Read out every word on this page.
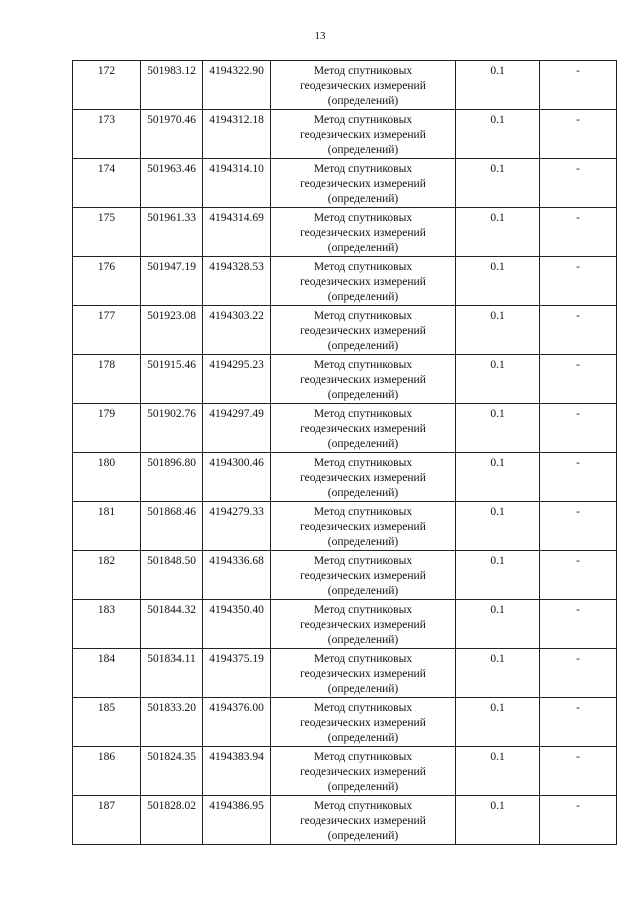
13
172	501983.12	4194322.90	Метод спутниковых
геодезических измерений
(определений)	0.1	-
173	501970.46	4194312.18	Метод спутниковых
геодезических измерений
(определений)	0.1	-
174	501963.46	4194314.10	Метод спутниковых
геодезических измерений
(определений)	0.1	-
175	501961.33	4194314.69	Метод спутниковых
геодезических измерений
(определений)	0.1	-
176	501947.19	4194328.53	Метод спутниковых
геодезических измерений
(определений)	0.1	-
177	501923.08	4194303.22	Метод спутниковых
геодезических измерений
(определений)	0.1	-
178	501915.46	4194295.23	Метод спутниковых
геодезических измерений
(определений)	0.1	-
179	501902.76	4194297.49	Метод спутниковых
геодезических измерений
(определений)	0.1	-
180	501896.80	4194300.46	Метод спутниковых
геодезических измерений
(определений)	0.1	-
181	501868.46	4194279.33	Метод спутниковых
геодезических измерений
(определений)	0.1	-
182	501848.50	4194336.68	Метод спутниковых
геодезических измерений
(определений)	0.1	-
183	501844.32	4194350.40	Метод спутниковых
геодезических измерений
(определений)	0.1	-
184	501834.11	4194375.19	Метод спутниковых
геодезических измерений
(определений)	0.1	-
185	501833.20	4194376.00	Метод спутниковых
геодезических измерений
(определений)	0.1	-
186	501824.35	4194383.94	Метод спутниковых
геодезических измерений
(определений)	0.1	-
187	501828.02	4194386.95	Метод спутниковых
геодезических измерений
(определений)	0.1	-
